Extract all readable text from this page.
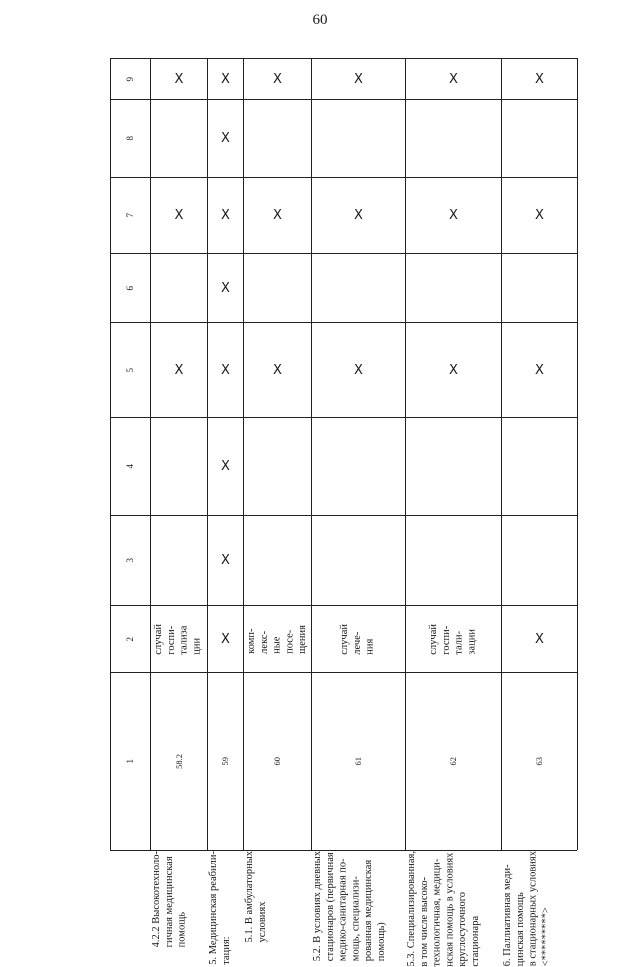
60
9
8
7
6
5
4
3
2
1
X
X
X
случай
госпи-
тализа
ции
58.2
4.2.2 Высокотехноло-
гичная медицинская
помощь
X
X
X
X
X
X
X
X
59
5. Медицинская реабили-
тация:
X
X
X
комп-
лекс-
ные
посе-
щения
60
5.1. В амбулаторных
условиях
X
X
X
случай
лече-
ния
61
5.2. В условиях дневных
стационаров (первичная
медико-санитарная по-
мощь, специализи-
рованная медицинская
помощь)
X
X
X
случай
госпи-
тали-
зации
62
5.3. Специализированная,
в том числе высоко-
технологичная, медици-
нская помощь в условиях
круглосуточного
стационара
X
X
X
X
63
6. Паллиативная меди-
цинская помощь
в стационарных условиях
<*********>
